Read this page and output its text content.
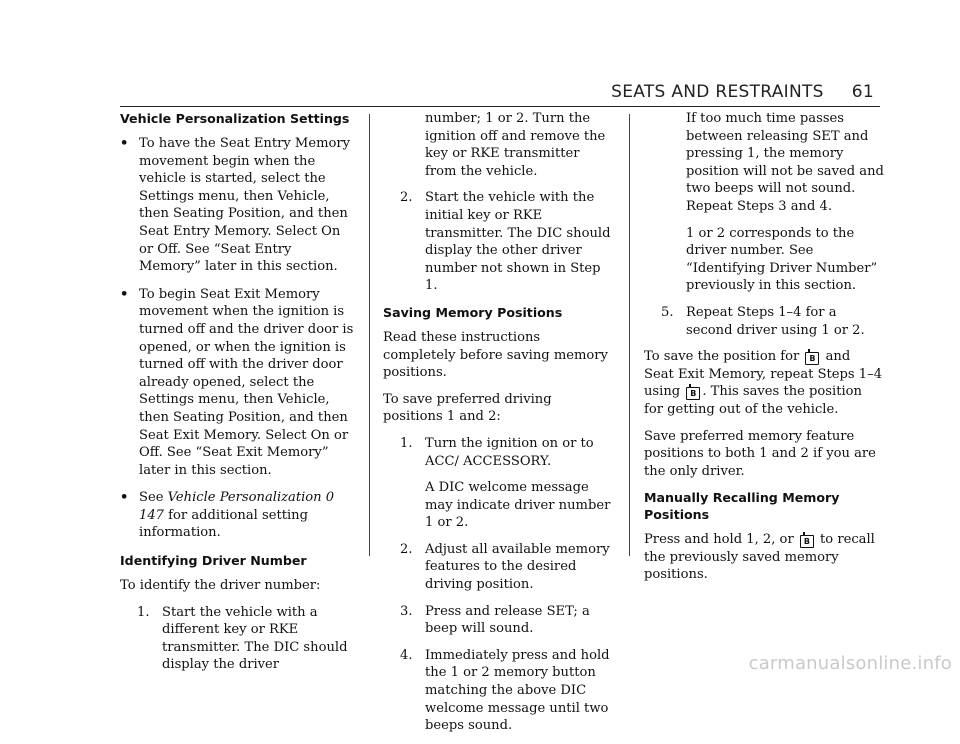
SEATS AND RESTRAINTS 61
Vehicle Personalization Settings
• To have the Seat Entry Memory movement begin when the vehicle is started, select the Settings menu, then Vehicle, then Seating Position, and then Seat Entry Memory. Select On or Off. See “Seat Entry Memory” later in this section.
• To begin Seat Exit Memory movement when the ignition is turned off and the driver door is opened, or when the ignition is turned off with the driver door already opened, select the Settings menu, then Vehicle, then Seating Position, and then Seat Exit Memory. Select On or Off. See “Seat Exit Memory” later in this section.
• See Vehicle Personalization 0 147 for additional setting information.
Identifying Driver Number

To identify the driver number:

1. Start the vehicle with a different key or RKE transmitter. The DIC should display the driver

number; 1 or 2. Turn the ignition off and remove the key or RKE transmitter from the vehicle.

2. Start the vehicle with the initial key or RKE transmitter. The DIC should display the other driver number not shown in Step 1.
Saving Memory Positions

Read these instructions completely before saving memory positions.

To save preferred driving positions 1 and 2:

1. Turn the ignition on or to ACC/ ACCESSORY.

A DIC welcome message may indicate driver number 1 or 2.

2. Adjust all available memory features to the desired driving position.
3. Press and release SET; a beep will sound.
4. Immediately press and hold the 1 or 2 memory button matching the above DIC welcome message until two beeps sound.

If too much time passes between releasing SET and pressing 1, the memory position will not be saved and two beeps will not sound. Repeat Steps 3 and 4.

1 or 2 corresponds to the driver number. See “Identifying Driver Number” previously in this section.

5. Repeat Steps 1–4 for a second driver using 1 or 2.

To save the position for B and Seat Exit Memory, repeat Steps 1–4 using B . This saves the position for getting out of the vehicle.

Save preferred memory feature positions to both 1 and 2 if you are the only driver.

Manually Recalling Memory Positions

Press and hold 1, 2, or B to recall the previously saved memory positions.

carmanualsonline.info
